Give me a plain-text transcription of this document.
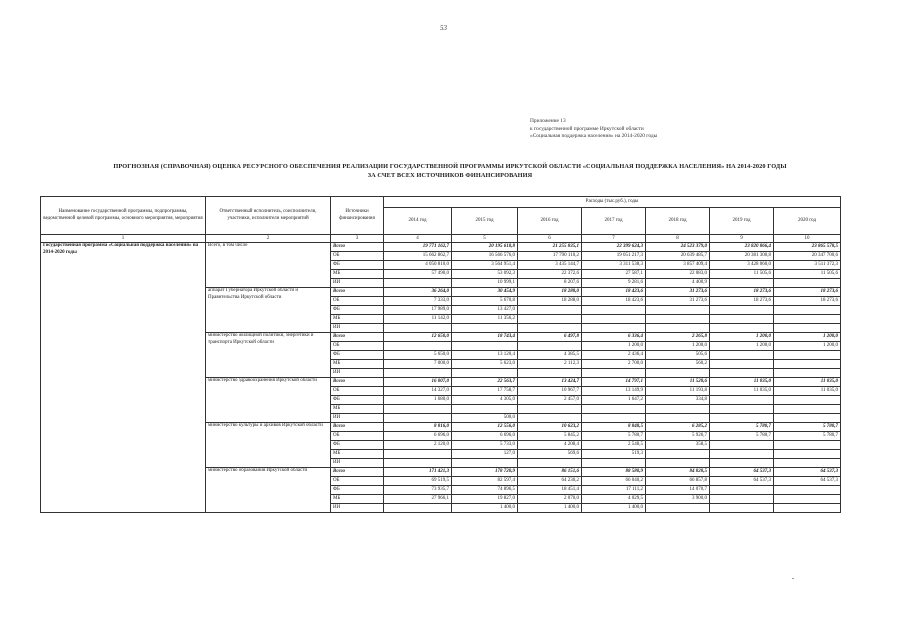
53
Приложение 13
к государственной программе Иркутской области
«Социальная поддержка населения» на 2014-2020 годы
ПРОГНОЗНАЯ (СПРАВОЧНАЯ) ОЦЕНКА РЕСУРСНОГО ОБЕСПЕЧЕНИЯ РЕАЛИЗАЦИИ ГОСУДАРСТВЕННОЙ ПРОГРАММЫ ИРКУТСКОЙ ОБЛАСТИ «СОЦИАЛЬНАЯ ПОДДЕРЖКА НАСЕЛЕНИЯ» НА 2014-2020 ГОДЫ
ЗА СЧЕТ ВСЕХ ИСТОЧНИКОВ ФИНАНСИРОВАНИЯ
Наименование государственной программы, подпрограммы, ведомственной целевой программы, основного мероприятия, мероприятия	Ответственный исполнитель, соисполнители, участники, исполнители мероприятий	Источники финансирования	Расходы (тыс.руб.), годы						
			2014 год	2015 год	2016 год	2017 год	2018 год	2019 год	2020 год
1	2	3	4	5	6	7	8	9	10
Государственная программа «Социальная поддержка населения» на 2014-2020 годы	Всего, в том числе	Всего	19 771 162,7	20 195 618,8	21 255 835,1	22 399 624,3	24 523 379,0	23 820 866,4	23 865 578,5
		ОБ	15 662 862,7	16 566 576,0	17 790 110,2	19 051 217,3	20 639 485,7	20 381 300,8	20 347 700,6
		ФБ	4 050 810,0	3 564 951,4	3 435 144,7	3 311 538,3	3 857 409,4	3 428 060,0	3 511 372,3
		МБ	57 490,0	53 092,3	22 372,6	27 587,1	22 083,0	11 505,6	11 505,6
		ИИ		10 999,1	8 207,6	9 281,6	4 400,9		
	аппарат Губернатора Иркутской области и Правительства Иркутской области	Всего	36 264,0	30 454,9	18 288,0	18 423,6	31 273,6	18 273,6	18 273,6
		ОБ	7 333,0	5 670,8	18 288,0	18 423,6	31 273,6	18 273,6	18 273,6
		ФБ	17 989,0	13 427,0					
		МБ	11 142,0	11 356,2					
		ИИ							
	министерство жилищной политики, энергетики и транспорта Иркутской области	Всего	12 650,0	18 743,4	6 497,8	6 336,4	2 265,8	1 200,0	1 200,0
		ОБ				1 200,0	1 200,0	1 200,0	1 200,0
		ФБ	5 650,0	13 120,4	4 385,5	2 436,4	505,6		
		МБ	7 000,0	5 623,0	2 112,3	2 700,0	560,2		
		ИИ							
	министерство здравоохранения Иркутской области	Всего	16 007,0	22 563,7	13 424,7	14 797,1	11 528,6	11 035,0	11 035,0
		ОБ	14 327,0	17 758,7	10 967,7	13 149,9	11 193,8	11 035,0	11 035,0
		ФБ	1 680,0	4 305,0	2 457,0	1 647,2	334,8		
		МБ							
		ИИ		500,0					
	министерство культуры и архивов Иркутской области	Всего	8 816,0	12 556,0	10 623,2	8 848,5	6 285,2	5 780,7	5 780,7
		ОБ	6 696,0	6 696,0	5 845,2	5 780,7	5 926,7	5 780,7	5 780,7
		ФБ	2 120,0	5 733,0	4 208,4	2 548,5	358,5		
		МБ		127,0	569,6	519,3			
		ИИ							
	министерство образования Иркутской области	Всего	171 421,3	178 720,9	86 151,6	88 580,9	84 828,5	64 537,3	64 537,3
		ОБ	69 519,5	82 597,4	64 230,2	66 040,2	66 857,8	64 537,3	64 537,3
		ФБ	73 935,7	74 896,5	18 451,4	17 111,2	14 070,7		
		МБ	27 966,1	19 827,0	2 070,0	4 029,5	3 900,0		
		ИИ		1 400,0	1 400,0	1 400,0			
